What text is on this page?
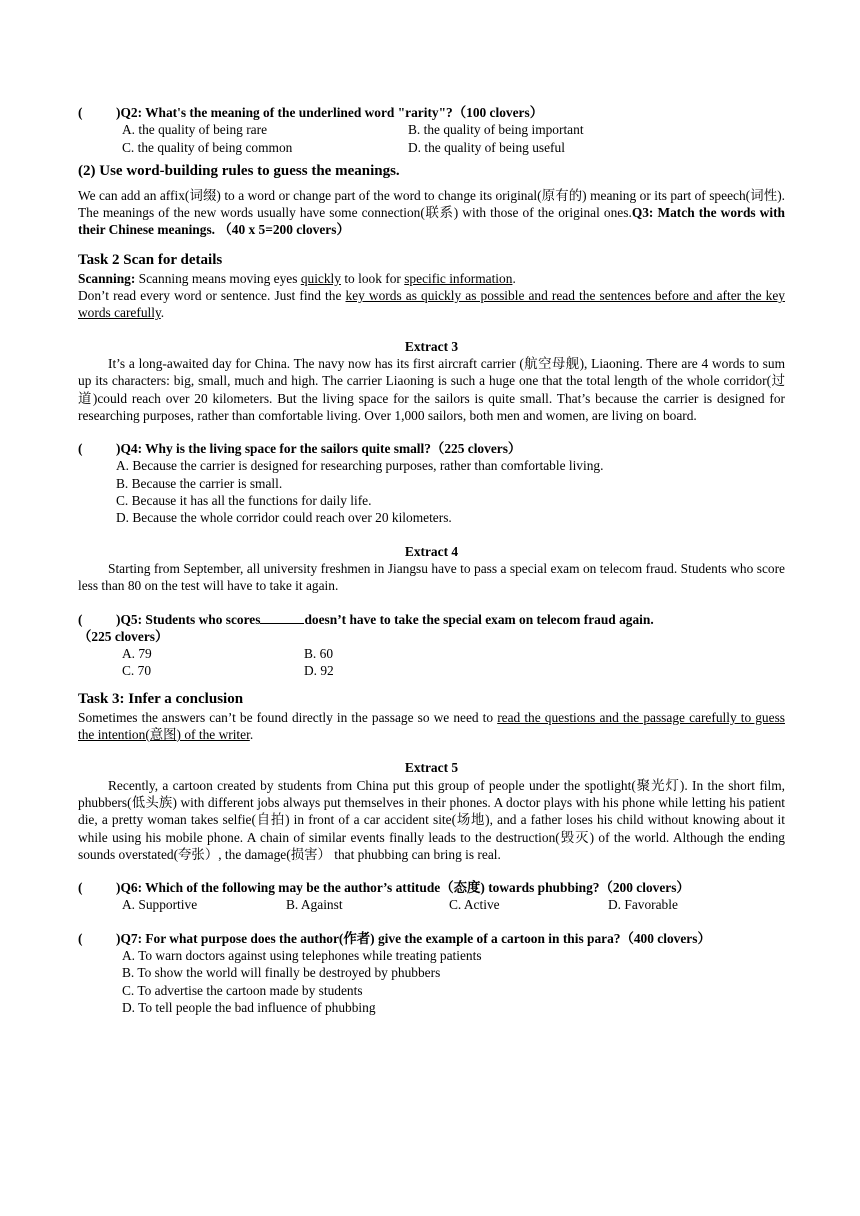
(	)Q2: What's the meaning of the underlined word "rarity"?（100 clovers）
A. the quality of being rare	B. the quality of being important
C. the quality of being common	D. the quality of being useful
(2) Use word-building rules to guess the meanings.
We can add an affix(词缀) to a word or change part of the word to change its original(原有的) meaning or its part of speech(词性). The meanings of the new words usually have some connection(联系) with those of the original ones.Q3: Match the words with their Chinese meanings. （40 x 5=200 clovers）
Task 2 Scan for details
Scanning: Scanning means moving eyes quickly to look for specific information.
Don’t read every word or sentence. Just find the key words as quickly as possible and read the sentences before and after the key words carefully.
Extract 3
It’s a long-awaited day for China. The navy now has its first aircraft carrier (航空母舰), Liaoning. There are 4 words to sum up its characters: big, small, much and high. The carrier Liaoning is such a huge one that the total length of the whole corridor(过道)could reach over 20 kilometers. But the living space for the sailors is quite small. That’s because the carrier is designed for researching purposes, rather than comfortable living. Over 1,000 sailors, both men and women, are living on board.
(	)Q4: Why is the living space for the sailors quite small?（225 clovers）
A. Because the carrier is designed for researching purposes, rather than comfortable living.
B. Because the carrier is small.
C. Because it has all the functions for daily life.
D. Because the whole corridor could reach over 20 kilometers.
Extract 4
Starting from September, all university freshmen in Jiangsu have to pass a special exam on telecom fraud. Students who score less than 80 on the test will have to take it again.
(	)Q5: Students who scores	doesn’t have to take the special exam on telecom fraud again.
（225 clovers）
A. 79	B. 60
C. 70	D. 92
Task 3: Infer a conclusion
Sometimes the answers can’t be found directly in the passage so we need to read the questions and the passage carefully to guess the intention(意图) of the writer.
Extract 5
Recently, a cartoon created by students from China put this group of people under the spotlight(聚光灯). In the short film, phubbers(低头族) with different jobs always put themselves in their phones. A doctor plays with his phone while letting his patient die, a pretty woman takes selfie(自拍) in front of a car accident site(场地), and a father loses his child without knowing about it while using his mobile phone. A chain of similar events finally leads to the destruction(毁灭) of the world. Although the ending sounds overstated(夸张）, the damage(损害） that phubbing can bring is real.
(	)Q6: Which of the following may be the author’s attitude（态度) towards phubbing?（200 clovers）
A. Supportive	B. Against	C. Active	D. Favorable
(	)Q7: For what purpose does the author(作者) give the example of a cartoon in this para?（400 clovers）
A. To warn doctors against using telephones while treating patients
B. To show the world will finally be destroyed by phubbers
C. To advertise the cartoon made by students
D. To tell people the bad influence of phubbing
